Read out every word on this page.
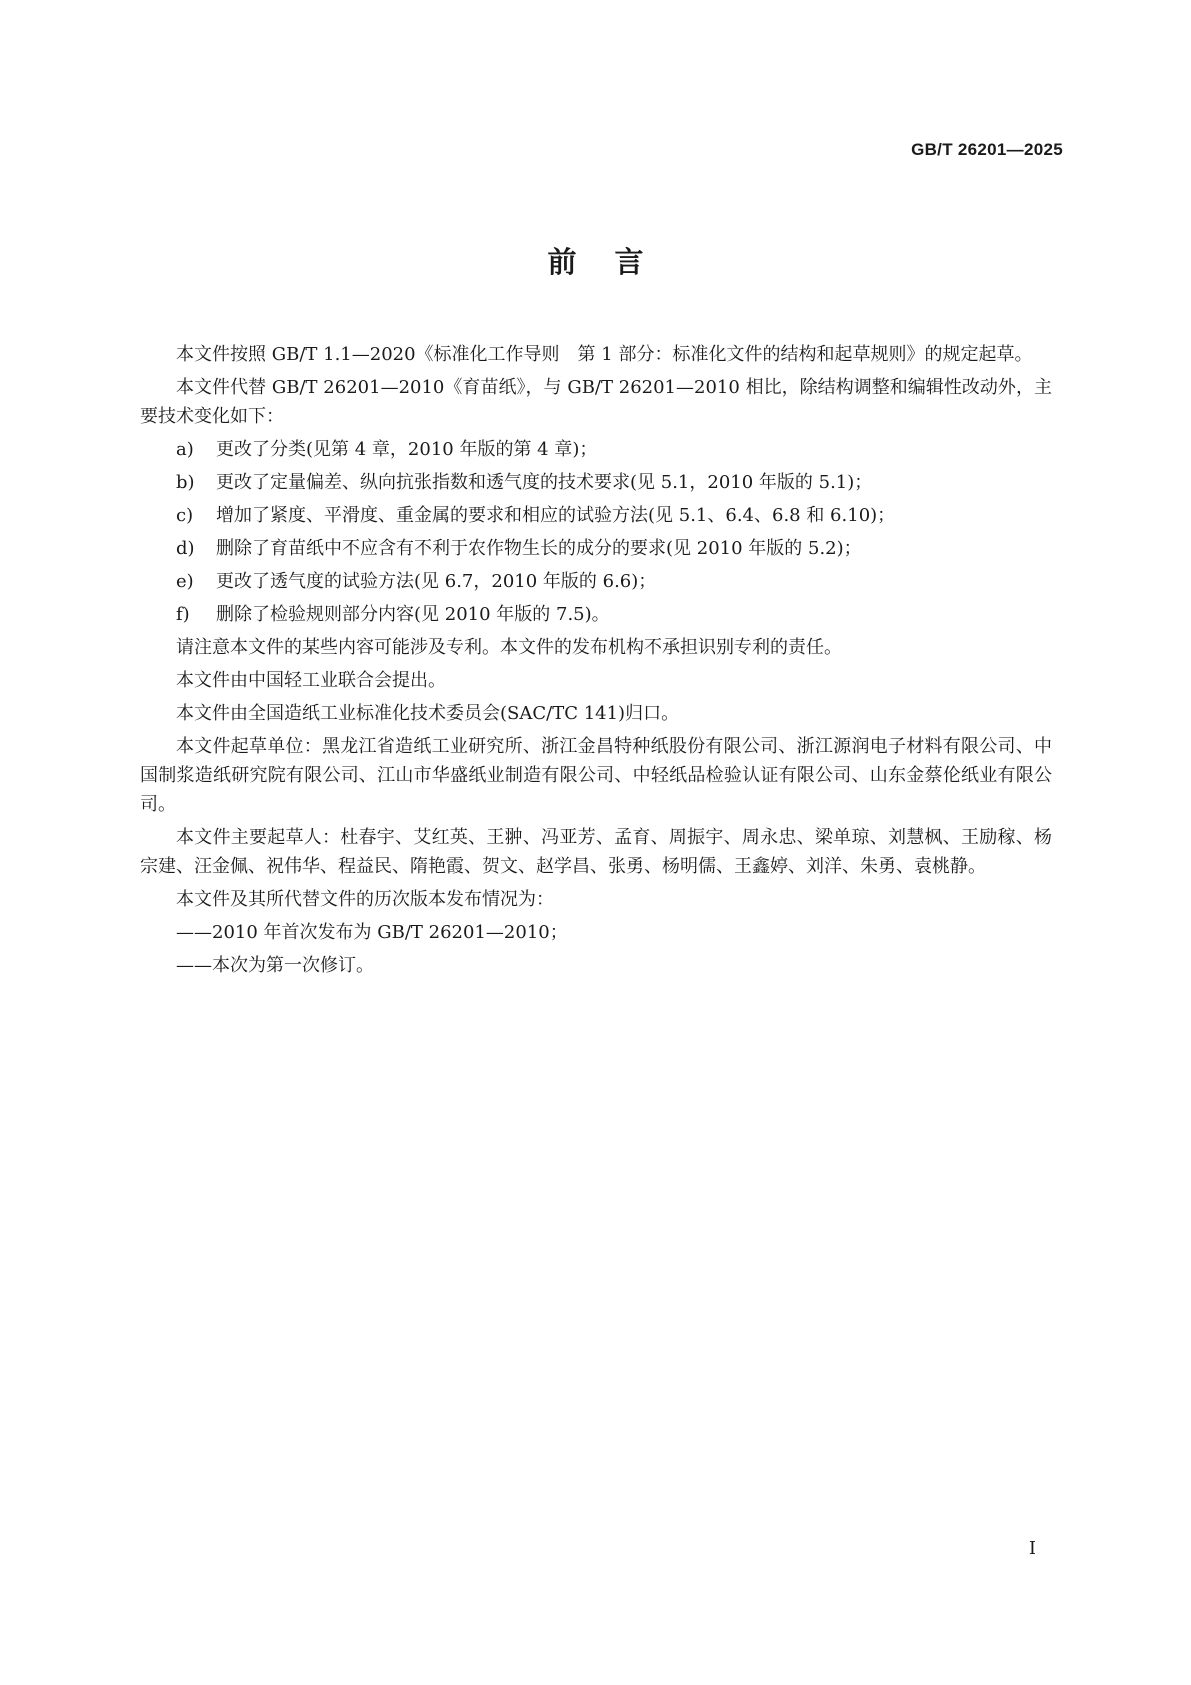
GB/T 26201—2025
前言

本文件按照 GB/T 1.1—2020《标准化工作导则　第 1 部分：标准化文件的结构和起草规则》的规定起草。

本文件代替 GB/T 26201—2010《育苗纸》，与 GB/T 26201—2010 相比，除结构调整和编辑性改动外，主要技术变化如下：

a)	更改了分类(见第 4 章，2010 年版的第 4 章)；
b)	更改了定量偏差、纵向抗张指数和透气度的技术要求(见 5.1，2010 年版的 5.1)；
c)	增加了紧度、平滑度、重金属的要求和相应的试验方法(见 5.1、6.4、6.8 和 6.10)；
d)	删除了育苗纸中不应含有不利于农作物生长的成分的要求(见 2010 年版的 5.2)；
e)	更改了透气度的试验方法(见 6.7，2010 年版的 6.6)；
f)	删除了检验规则部分内容(见 2010 年版的 7.5)。

请注意本文件的某些内容可能涉及专利。本文件的发布机构不承担识别专利的责任。

本文件由中国轻工业联合会提出。

本文件由全国造纸工业标准化技术委员会(SAC/TC 141)归口。

本文件起草单位：黑龙江省造纸工业研究所、浙江金昌特种纸股份有限公司、浙江源润电子材料有限公司、中国制浆造纸研究院有限公司、江山市华盛纸业制造有限公司、中轻纸品检验认证有限公司、山东金蔡伦纸业有限公司。

本文件主要起草人：杜春宇、艾红英、王翀、冯亚芳、孟育、周振宇、周永忠、梁单琼、刘慧枫、王励稼、杨宗建、汪金佩、祝伟华、程益民、隋艳霞、贺文、赵学昌、张勇、杨明儒、王鑫婷、刘洋、朱勇、袁桃静。

本文件及其所代替文件的历次版本发布情况为：

——2010 年首次发布为 GB/T 26201—2010；
——本次为第一次修订。
I
